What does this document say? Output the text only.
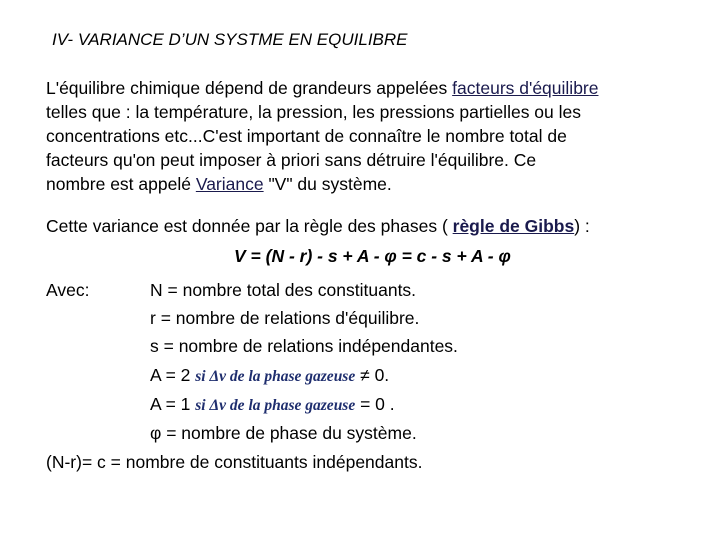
IV- VARIANCE D’UN SYSTME EN EQUILIBRE
L'équilibre chimique dépend de grandeurs appelées facteurs d'équilibre
telles que : la température, la pression, les pressions partielles ou les
concentrations etc...C'est important de connaître le nombre total de
facteurs qu'on peut imposer à priori sans détruire l'équilibre. Ce
nombre est appelé Variance "V" du système.
Cette variance est donnée par la règle des phases ( règle de Gibbs) :
V = (N - r) - s + A - φ = c - s + A - φ
Avec:	N = nombre total des constituants.
r = nombre de relations d'équilibre.
s = nombre de relations indépendantes.
A = 2 si Δv de la phase gazeuse ≠ 0.
A = 1 si Δv de la phase gazeuse = 0 .
φ = nombre de phase du système.
(N-r)= c = nombre de constituants indépendants.
